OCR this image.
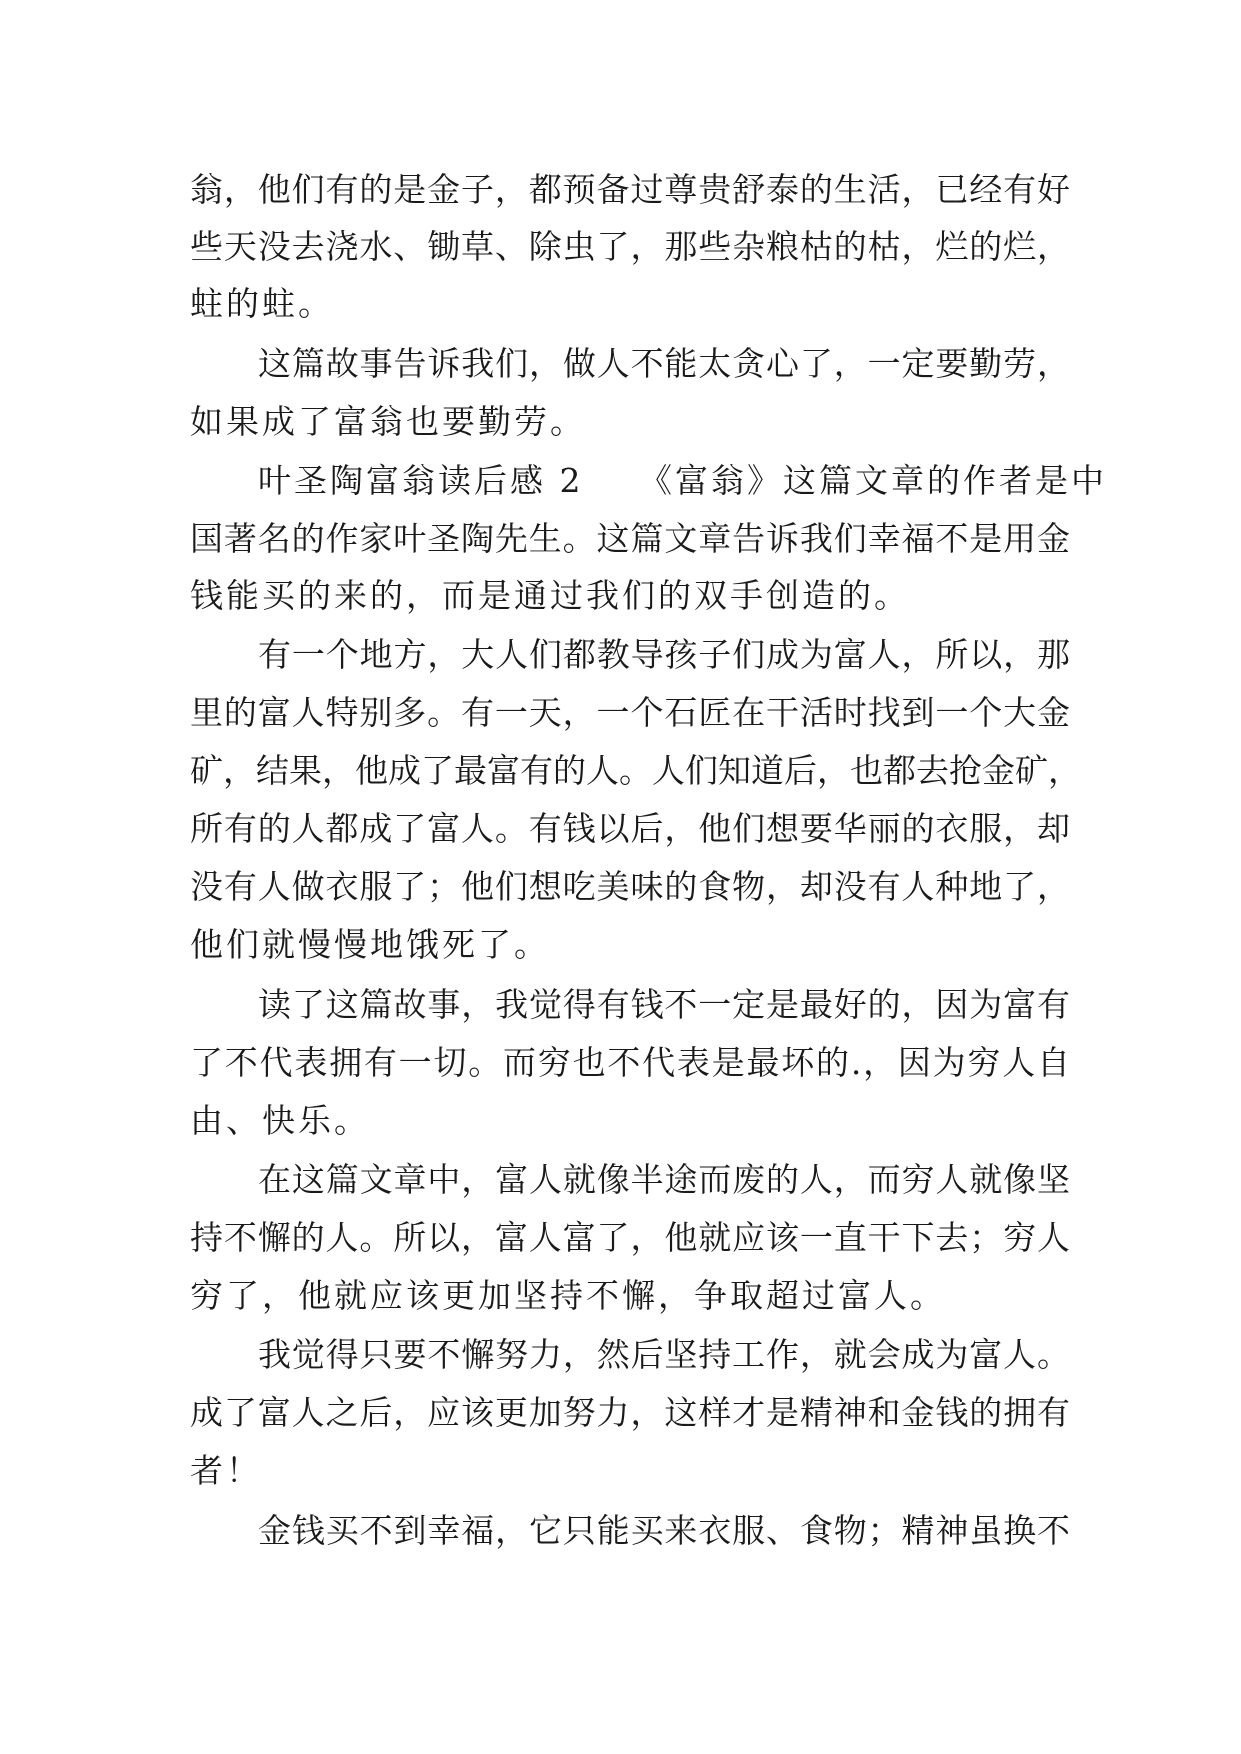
翁，他们有的是金子，都预备过尊贵舒泰的生活，已经有好
些天没去浇水、锄草、除虫了，那些杂粮枯的枯，烂的烂，
蛀的蛀。
这篇故事告诉我们，做人不能太贪心了，一定要勤劳，
如果成了富翁也要勤劳。
叶圣陶富翁读后感 2　　《富翁》这篇文章的作者是中
国著名的作家叶圣陶先生。这篇文章告诉我们幸福不是用金
钱能买的来的，而是通过我们的双手创造的。
有一个地方，大人们都教导孩子们成为富人，所以，那
里的富人特别多。有一天，一个石匠在干活时找到一个大金
矿，结果，他成了最富有的人。人们知道后，也都去抢金矿，
所有的人都成了富人。有钱以后，他们想要华丽的衣服，却
没有人做衣服了；他们想吃美味的食物，却没有人种地了，
他们就慢慢地饿死了。
读了这篇故事，我觉得有钱不一定是最好的，因为富有
了不代表拥有一切。而穷也不代表是最坏的.，因为穷人自
由、快乐。
在这篇文章中，富人就像半途而废的人，而穷人就像坚
持不懈的人。所以，富人富了，他就应该一直干下去；穷人
穷了，他就应该更加坚持不懈，争取超过富人。
我觉得只要不懈努力，然后坚持工作，就会成为富人。
成了富人之后，应该更加努力，这样才是精神和金钱的拥有
者！
金钱买不到幸福，它只能买来衣服、食物；精神虽换不
